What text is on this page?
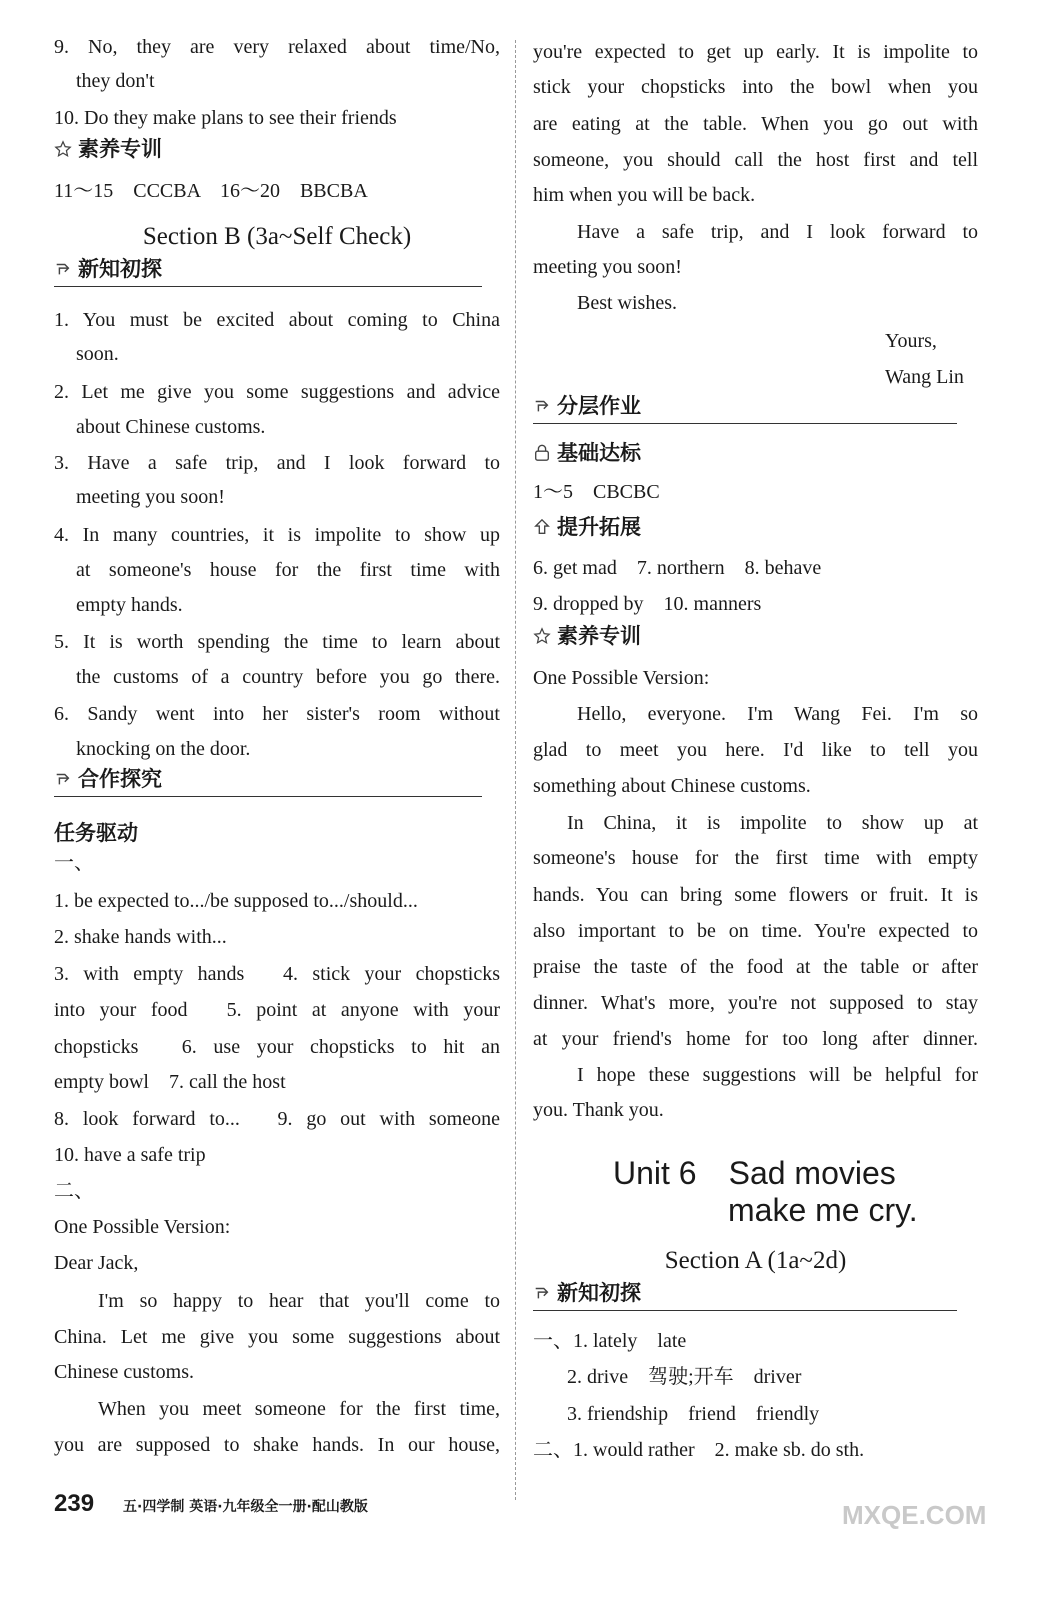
Section B (3a~Self Check)
任务驱动
9. No, they are very relaxed about time/No,
they don't
10. Do they make plans to see their friends
11～15　CCCBA　16～20　BBCBA
1. You must be excited about coming to China
soon.
2. Let me give you some suggestions and advice
about Chinese customs.
3. Have a safe trip, and I look forward to
meeting you soon!
4. In many countries, it is impolite to show up
at someone's house for the first time with
empty hands.
5. It is worth spending the time to learn about
the customs of a country before you go there.
6. Sandy went into her sister's room without
knocking on the door.
一、
1. be expected to.../be supposed to.../should...
2. shake hands with...
3. with empty hands　4. stick your chopsticks
into your food　5. point at anyone with your
chopsticks　6. use your chopsticks to hit an
empty bowl　7. call the host
8. look forward to...　9. go out with someone
10. have a safe trip
二、
One Possible Version:
Dear Jack,
I'm so happy to hear that you'll come to
China. Let me give you some suggestions about
Chinese customs.
When you meet someone for the first time,
you are supposed to shake hands. In our house,
素养专训
新知初探
合作探究
Unit 6　Sad movies
make me cry.
Section A (1a~2d)
you're expected to get up early. It is impolite to
stick your chopsticks into the bowl when you
are eating at the table. When you go out with
someone, you should call the host first and tell
him when you will be back.
Have a safe trip, and I look forward to
meeting you soon!
Best wishes.
Yours,
Wang Lin
1～5　CBCBC
6. get mad　7. northern　8. behave
9. dropped by　10. manners
One Possible Version:
Hello, everyone. I'm Wang Fei. I'm so
glad to meet you here. I'd like to tell you
something about Chinese customs.
In China, it is impolite to show up at
someone's house for the first time with empty
hands. You can bring some flowers or fruit. It is
also important to be on time. You're expected to
praise the taste of the food at the table or after
dinner. What's more, you're not supposed to stay
at your friend's home for too long after dinner.
I hope these suggestions will be helpful for
you. Thank you.
一、1. lately　late
2. drive　驾驶;开车　driver
3. friendship　friend　friendly
二、1. would rather　2. make sb. do sth.
分层作业
基础达标
提升拓展
素养专训
新知初探
239 五·四学制 英语·九年级全一册·配山教版	MXQE.COM
